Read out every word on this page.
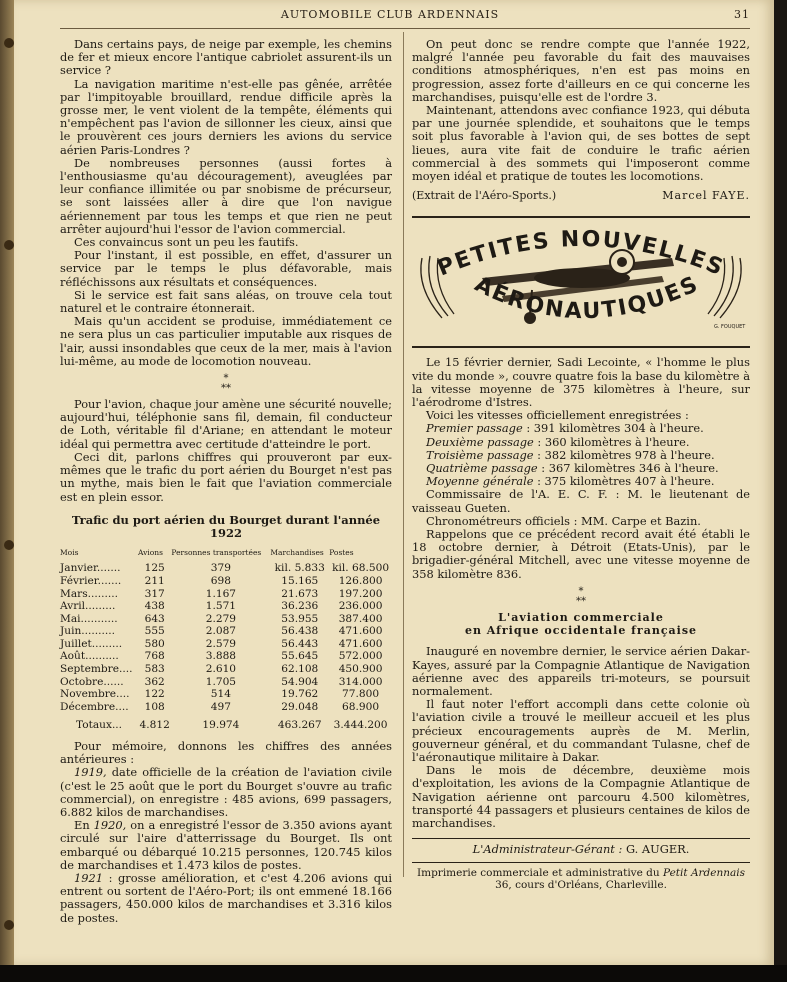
AUTOMOBILE CLUB ARDENNAIS	31

Dans certains pays, de neige par exemple, les chemins de fer et mieux encore l'antique cabriolet assurent-ils un service ?

La navigation maritime n'est-elle pas gênée, arrêtée par l'impitoyable brouillard, rendue difficile après la grosse mer, le vent violent de la tempête, éléments qui n'empêchent pas l'avion de sillonner les cieux, ainsi que le prouvèrent ces jours derniers les avions du service aérien Paris-Londres ?

De nombreuses personnes (aussi fortes à l'enthousiasme qu'au découragement), aveuglées par leur confiance illimitée ou par snobisme de précurseur, se sont laissées aller à dire que l'on navigue aériennement par tous les temps et que rien ne peut arrêter aujourd'hui l'essor de l'avion commercial.

Ces convaincus sont un peu les fautifs.

Pour l'instant, il est possible, en effet, d'assurer un service par le temps le plus défavorable, mais réfléchissons aux résultats et conséquences.

Si le service est fait sans aléas, on trouve cela tout naturel et le contraire étonnerait.

Mais qu'un accident se produise, immédiatement ce ne sera plus un cas particulier imputable aux risques de l'air, aussi insondables que ceux de la mer, mais à l'avion lui-même, au mode de locomotion nouveau.

*
**

Pour l'avion, chaque jour amène une sécurité nouvelle; aujourd'hui, téléphonie sans fil, demain, fil conducteur de Loth, véritable fil d'Ariane; en attendant le moteur idéal qui permettra avec certitude d'atteindre le port.

Ceci dit, parlons chiffres qui prouveront par eux-mêmes que le trafic du port aérien du Bourget n'est pas un mythe, mais bien le fait que l'aviation commerciale est en plein essor.

Trafic du port aérien du Bourget durant l'année 1922
Mois	Avions	Personnes transportées	Marchandises	Postes
Janvier.......	125	379	kil. 5.833	kil. 68.500
Février.......	211	698	15.165	126.800
Mars.........	317	1.167	21.673	197.200
Avril.........	438	1.571	36.236	236.000
Mai...........	643	2.279	53.955	387.400
Juin..........	555	2.087	56.438	471.600
Juillet.........	580	2.579	56.443	471.600
Août..........	768	3.888	55.645	572.000
Septembre....	583	2.610	62.108	450.900
Octobre......	362	1.705	54.904	314.000
Novembre....	122	514	19.762	77.800
Décembre....	108	497	29.048	68.900
Totaux...	4.812	19.974	463.267	3.444.200

Pour mémoire, donnons les chiffres des années antérieures :

1919, date officielle de la création de l'aviation civile (c'est le 25 août que le port du Bourget s'ouvre au trafic commercial), on enregistre : 485 avions, 699 passagers, 6.882 kilos de marchandises.

En 1920, on a enregistré l'essor de 3.350 avions ayant circulé sur l'aire d'atterrissage du Bourget. Ils ont embarqué ou débarqué 10.215 personnes, 120.745 kilos de marchandises et 1.473 kilos de postes.

1921 : grosse amélioration, et c'est 4.206 avions qui entrent ou sortent de l'Aéro-Port; ils ont emmené 18.166 passagers, 450.000 kilos de marchandises et 3.316 kilos de postes.

On peut donc se rendre compte que l'année 1922, malgré l'année peu favorable du fait des mauvaises conditions atmosphériques, n'en est pas moins en progression, assez forte d'ailleurs en ce qui concerne les marchandises, puisqu'elle est de l'ordre 3.

Maintenant, attendons avec confiance 1923, qui débuta par une journée splendide, et souhaitons que le temps soit plus favorable à l'avion qui, de ses bottes de sept lieues, aura vite fait de conduire le trafic aérien commercial à des sommets qui l'imposeront comme moyen idéal et pratique de toutes les locomotions.

(Extrait de l'Aéro-Sports.)	Marcel FAYE.
PETITES NOUVELLES
AÉRONAUTIQUES
G. FOUQUET

Le 15 février dernier, Sadi Lecointe, « l'homme le plus vite du monde », couvre quatre fois la base du kilomètre à la vitesse moyenne de 375 kilomètres à l'heure, sur l'aérodrome d'Istres.

Voici les vitesses officiellement enregistrées :

Premier passage : 391 kilomètres 304 à l'heure.

Deuxième passage : 360 kilomètres à l'heure.

Troisième passage : 382 kilomètres 978 à l'heure.

Quatrième passage : 367 kilomètres 346 à l'heure.

Moyenne générale : 375 kilomètres 407 à l'heure.

Commissaire de l'A. E. C. F. : M. le lieutenant de vaisseau Gueten.

Chronométreurs officiels : MM. Carpe et Bazin.

Rappelons que ce précédent record avait été établi le 18 octobre dernier, à Détroit (Etats-Unis), par le brigadier-général Mitchell, avec une vitesse moyenne de 358 kilomètre 836.

*
**
L'aviation commerciale
en Afrique occidentale française

Inauguré en novembre dernier, le service aérien Dakar-Kayes, assuré par la Compagnie Atlantique de Navigation aérienne avec des appareils tri-moteurs, se poursuit normalement.

Il faut noter l'effort accompli dans cette colonie où l'aviation civile a trouvé le meilleur accueil et les plus précieux encouragements auprès de M. Merlin, gouverneur général, et du commandant Tulasne, chef de l'aéronautique militaire à Dakar.

Dans le mois de décembre, deuxième mois d'exploitation, les avions de la Compagnie Atlantique de Navigation aérienne ont parcouru 4.500 kilomètres, transporté 44 passagers et plusieurs centaines de kilos de marchandises.

L'Administrateur-Gérant : G. AUGER.
Imprimerie commerciale et administrative du Petit Ardennais
36, cours d'Orléans, Charleville.
